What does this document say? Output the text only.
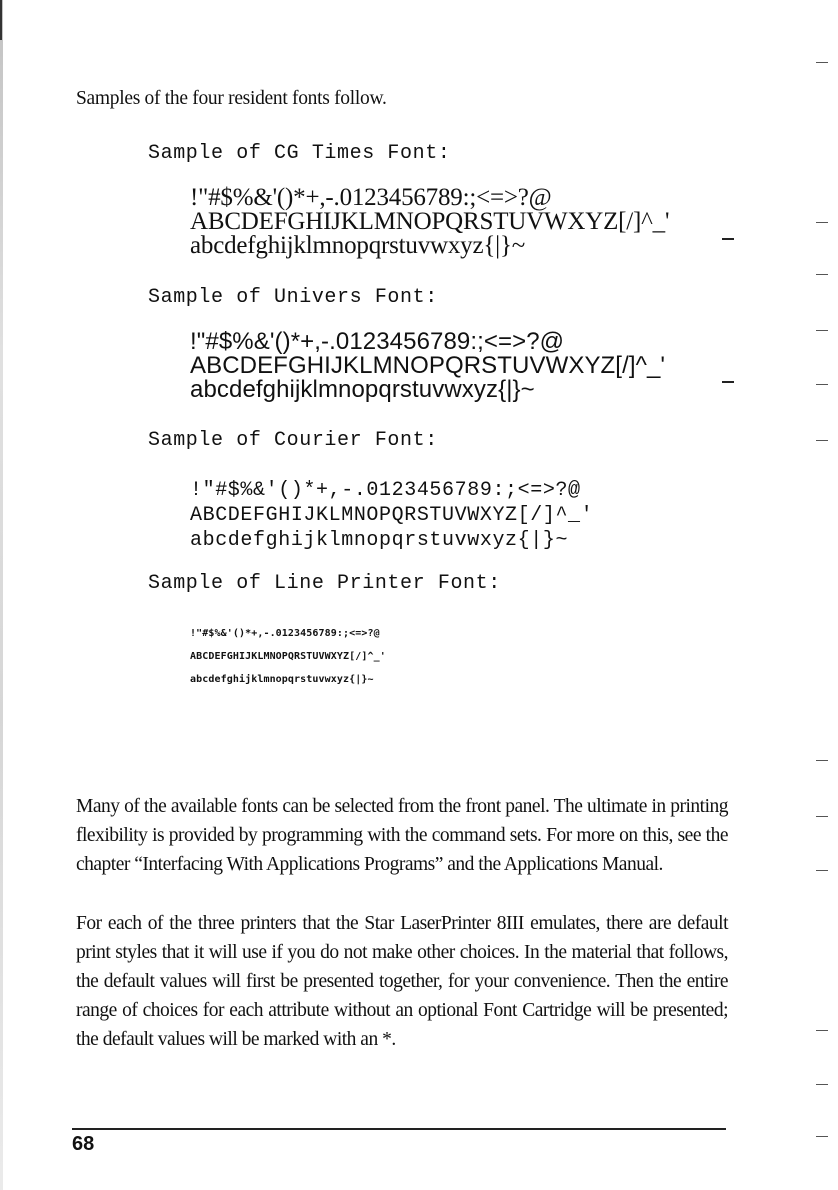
Samples of the four resident fonts follow.
Sample of CG Times Font:
!"#$%&'()*+,-.0123456789:;<=>?@
ABCDEFGHIJKLMNOPQRSTUVWXYZ[/]^_'
abcdefghijklmnopqrstuvwxyz{|}~
Sample of Univers Font:
!"#$%&'()*+,-.0123456789:;<=>?@
ABCDEFGHIJKLMNOPQRSTUVWXYZ[/]^_'
abcdefghijklmnopqrstuvwxyz{|}~
Sample of Courier Font:
!"#$%&'()*+,-.0123456789:;<=>?@
ABCDEFGHIJKLMNOPQRSTUVWXYZ[/]^_'
abcdefghijklmnopqrstuvwxyz{|}~
Sample of Line Printer Font:
!"#$%&'()*+,-.0123456789:;<=>?@
ABCDEFGHIJKLMNOPQRSTUVWXYZ[/]^_'
abcdefghijklmnopqrstuvwxyz{|}~

Many of the available fonts can be selected from the front panel. The ultimate in printing flexibility is provided by programming with the command sets. For more on this, see the chapter “Interfacing With Applications Programs” and the Applications Manual.

For each of the three printers that the Star LaserPrinter 8III emulates, there are default print styles that it will use if you do not make other choices. In the material that follows, the default values will first be presented together, for your convenience. Then the entire range of choices for each attribute without an optional Font Cartridge will be presented; the default values will be marked with an *.

68
